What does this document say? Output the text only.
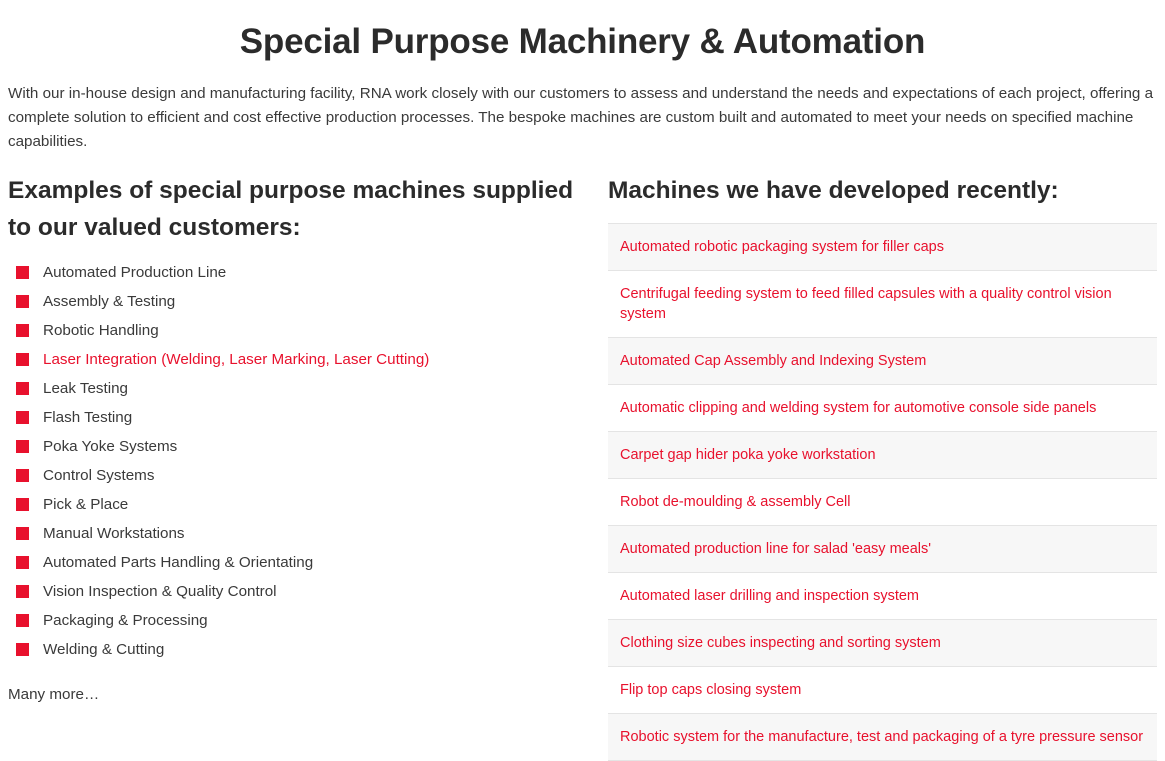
Special Purpose Machinery & Automation

With our in-house design and manufacturing facility, RNA work closely with our customers to assess and understand the needs and expectations of each project, offering a complete solution to efficient and cost effective production processes. The bespoke machines are custom built and automated to meet your needs on specified machine capabilities.

Examples of special purpose machines supplied to our valued customers:
Automated Production Line
Assembly & Testing
Robotic Handling
Laser Integration (Welding, Laser Marking, Laser Cutting)
Leak Testing
Flash Testing
Poka Yoke Systems
Control Systems
Pick & Place
Manual Workstations
Automated Parts Handling & Orientating
Vision Inspection & Quality Control
Packaging & Processing
Welding & Cutting
Many more…
Machines we have developed recently:
Automated robotic packaging system for filler caps
Centrifugal feeding system to feed filled capsules with a quality control vision system
Automated Cap Assembly and Indexing System
Automatic clipping and welding system for automotive console side panels
Carpet gap hider poka yoke workstation
Robot de-moulding & assembly Cell
Automated production line for salad 'easy meals'
Automated laser drilling and inspection system
Clothing size cubes inspecting and sorting system
Flip top caps closing system
Robotic system for the manufacture, test and packaging of a tyre pressure sensor
